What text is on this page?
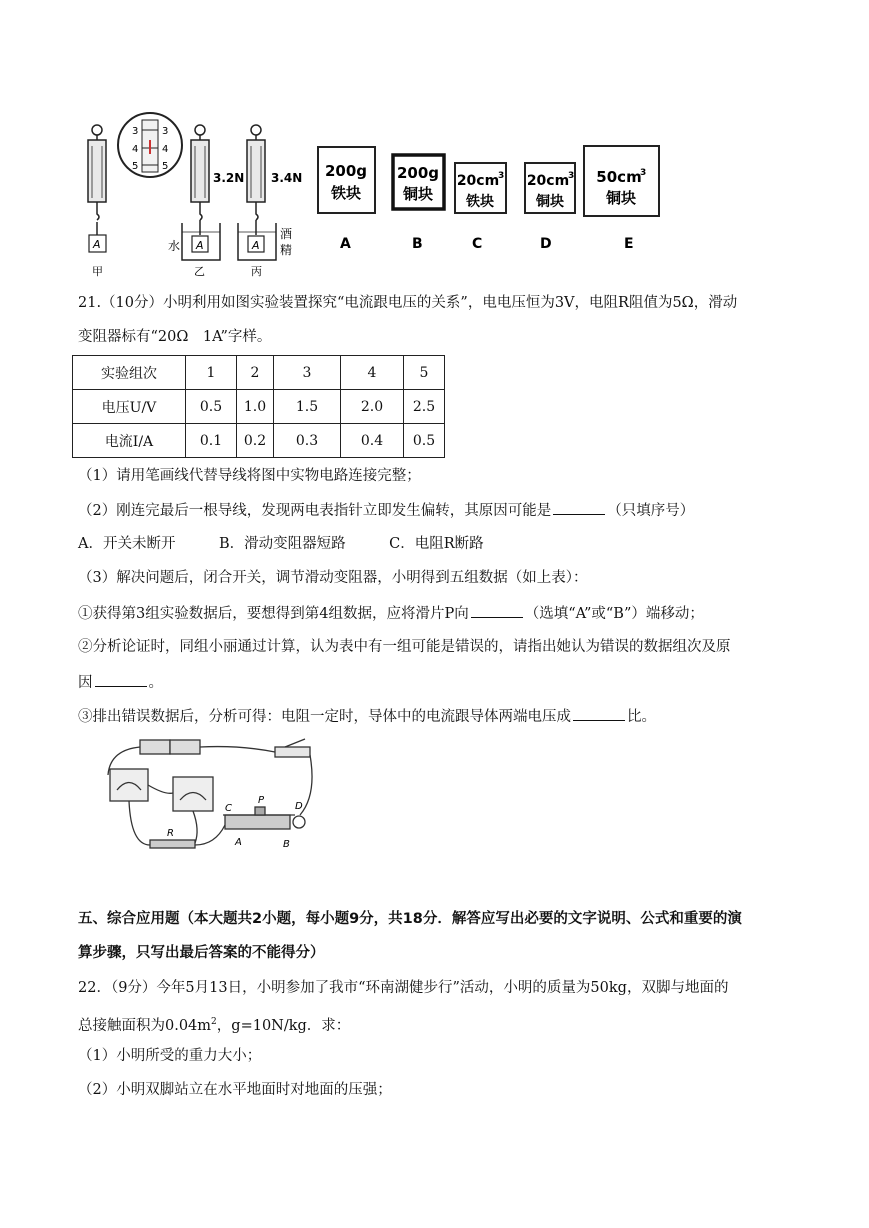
A
甲
3
4
5
3
4
5
水 A
3.2N
乙
A
3.4N
酒
精
丙
200g
铁块
A
200g
铜块
B
20cm
3
铁块
C
20cm
3
铜块
D
50cm
3
铜块
E
21.（10分）小明利用如图实验装置探究“电流跟电压的关系”，电电压恒为3V，电阻R阻值为5Ω，滑动
变阻器标有“20Ω　1A”字样。
实验组次	1	2	3	4	5
电压U/V	0.5	1.0	1.5	2.0	2.5
电流I/A	0.1	0.2	0.3	0.4	0.5
（1）请用笔画线代替导线将图中实物电路连接完整；
（2）刚连完最后一根导线，发现两电表指针立即发生偏转，其原因可能是	（只填序号）
A．开关未断开　　　B．滑动变阻器短路　　　C．电阻R断路
（3）解决问题后，闭合开关，调节滑动变阻器，小明得到五组数据（如上表）：
①获得第3组实验数据后，要想得到第4组数据，应将滑片P向	（选填“A”或“B”）端移动；
②分析论证时，同组小丽通过计算，认为表中有一组可能是错误的，请指出她认为错误的数据组次及原
因	。
③排出错误数据后，分析可得：电阻一定时，导体中的电流跟导体两端电压成	比。
R
C
P
D
A	B
五、综合应用题（本大题共2小题，每小题9分，共18分．解答应写出必要的文字说明、公式和重要的演
算步骤，只写出最后答案的不能得分）
22．（9分）今年5月13日，小明参加了我市“环南湖健步行”活动，小明的质量为50kg，双脚与地面的
总接触面积为$0.04m^2$，g=10N/kg．求：
（1）小明所受的重力大小；
（2）小明双脚站立在水平地面时对地面的压强；
